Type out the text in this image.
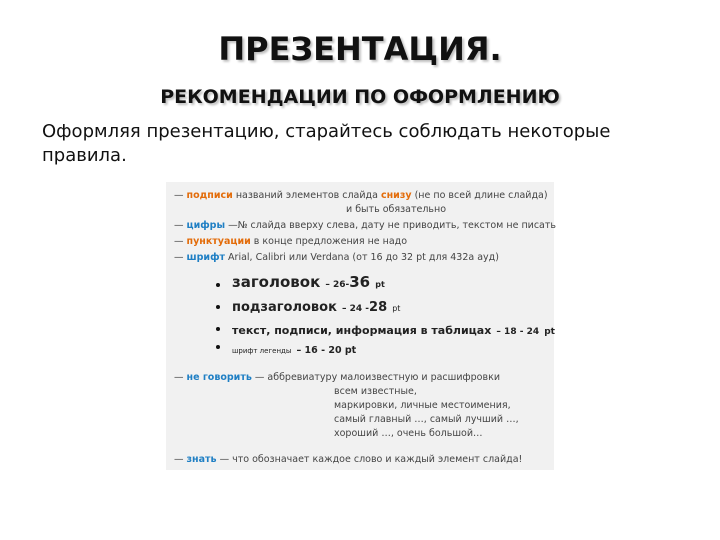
ПРЕЗЕНТАЦИЯ.
РЕКОМЕНДАЦИИ ПО ОФОРМЛЕНИЮ
Оформляя презентацию, старайтесь соблюдать некоторые правила.
— подписи названий элементов слайда снизу (не по всей длине слайда)
и быть обязательно
— цифры —№ слайда вверху слева, дату не приводить, текстом не писать
— пунктуации в конце предложения не надо
— шрифт Arial, Calibri или Verdana (от 16 до 32 pt для 432a ауд)
заголовок – 26-36 pt
подзаголовок – 24 -28 pt
текст, подписи, информация в таблицах – 18 - 24 pt
шрифт легенды – 16 - 20 pt
— не говорить — аббревиатуру малоизвестную и расшифровки
всем известные,
маркировки, личные местоимения,
самый главный …, самый лучший …,
хороший …, очень большой…
— знать — что обозначает каждое слово и каждый элемент слайда!
